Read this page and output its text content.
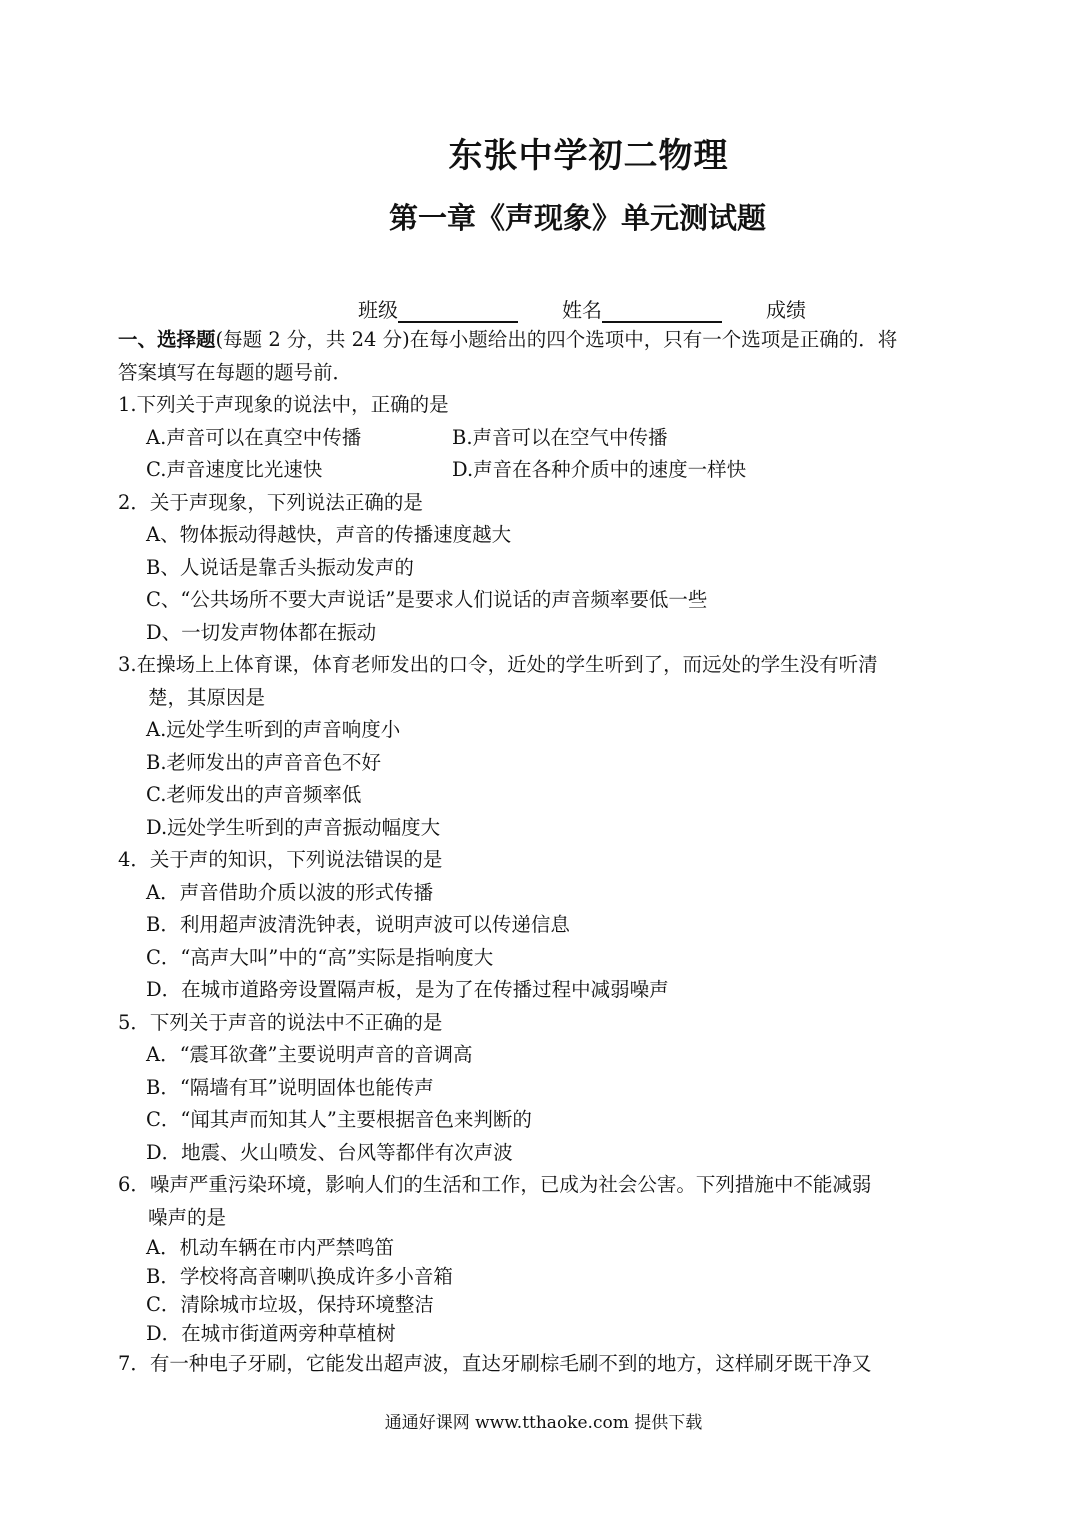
东张中学初二物理
第一章《声现象》单元测试题
班级	姓名	成绩
一、选择题(每题 2 分，共 24 分)在每小题给出的四个选项中，只有一个选项是正确的．将
答案填写在每题的题号前．
1.下列关于声现象的说法中，正确的是
A.声音可以在真空中传播	B.声音可以在空气中传播
C.声音速度比光速快	D.声音在各种介质中的速度一样快
2．关于声现象，下列说法正确的是
A、物体振动得越快，声音的传播速度越大
B、人说话是靠舌头振动发声的
C、“公共场所不要大声说话”是要求人们说话的声音频率要低一些
D、一切发声物体都在振动
3.在操场上上体育课，体育老师发出的口令，近处的学生听到了，而远处的学生没有听清
楚，其原因是
A.远处学生听到的声音响度小
B.老师发出的声音音色不好
C.老师发出的声音频率低
D.远处学生听到的声音振动幅度大
4．关于声的知识，下列说法错误的是
A．声音借助介质以波的形式传播
B．利用超声波清洗钟表，说明声波可以传递信息
C．“高声大叫”中的“高”实际是指响度大
D．在城市道路旁设置隔声板，是为了在传播过程中减弱噪声
5．下列关于声音的说法中不正确的是
A．“震耳欲聋”主要说明声音的音调高
B．“隔墙有耳”说明固体也能传声
C．“闻其声而知其人”主要根据音色来判断的
D．地震、火山喷发、台风等都伴有次声波
6．噪声严重污染环境，影响人们的生活和工作，已成为社会公害。下列措施中不能减弱
噪声的是
A．机动车辆在市内严禁鸣笛
B．学校将高音喇叭换成许多小音箱
C．清除城市垃圾，保持环境整洁
D．在城市街道两旁种草植树
7．有一种电子牙刷，它能发出超声波，直达牙刷棕毛刷不到的地方，这样刷牙既干净又
通通好课网 www.tthaoke.com 提供下载
